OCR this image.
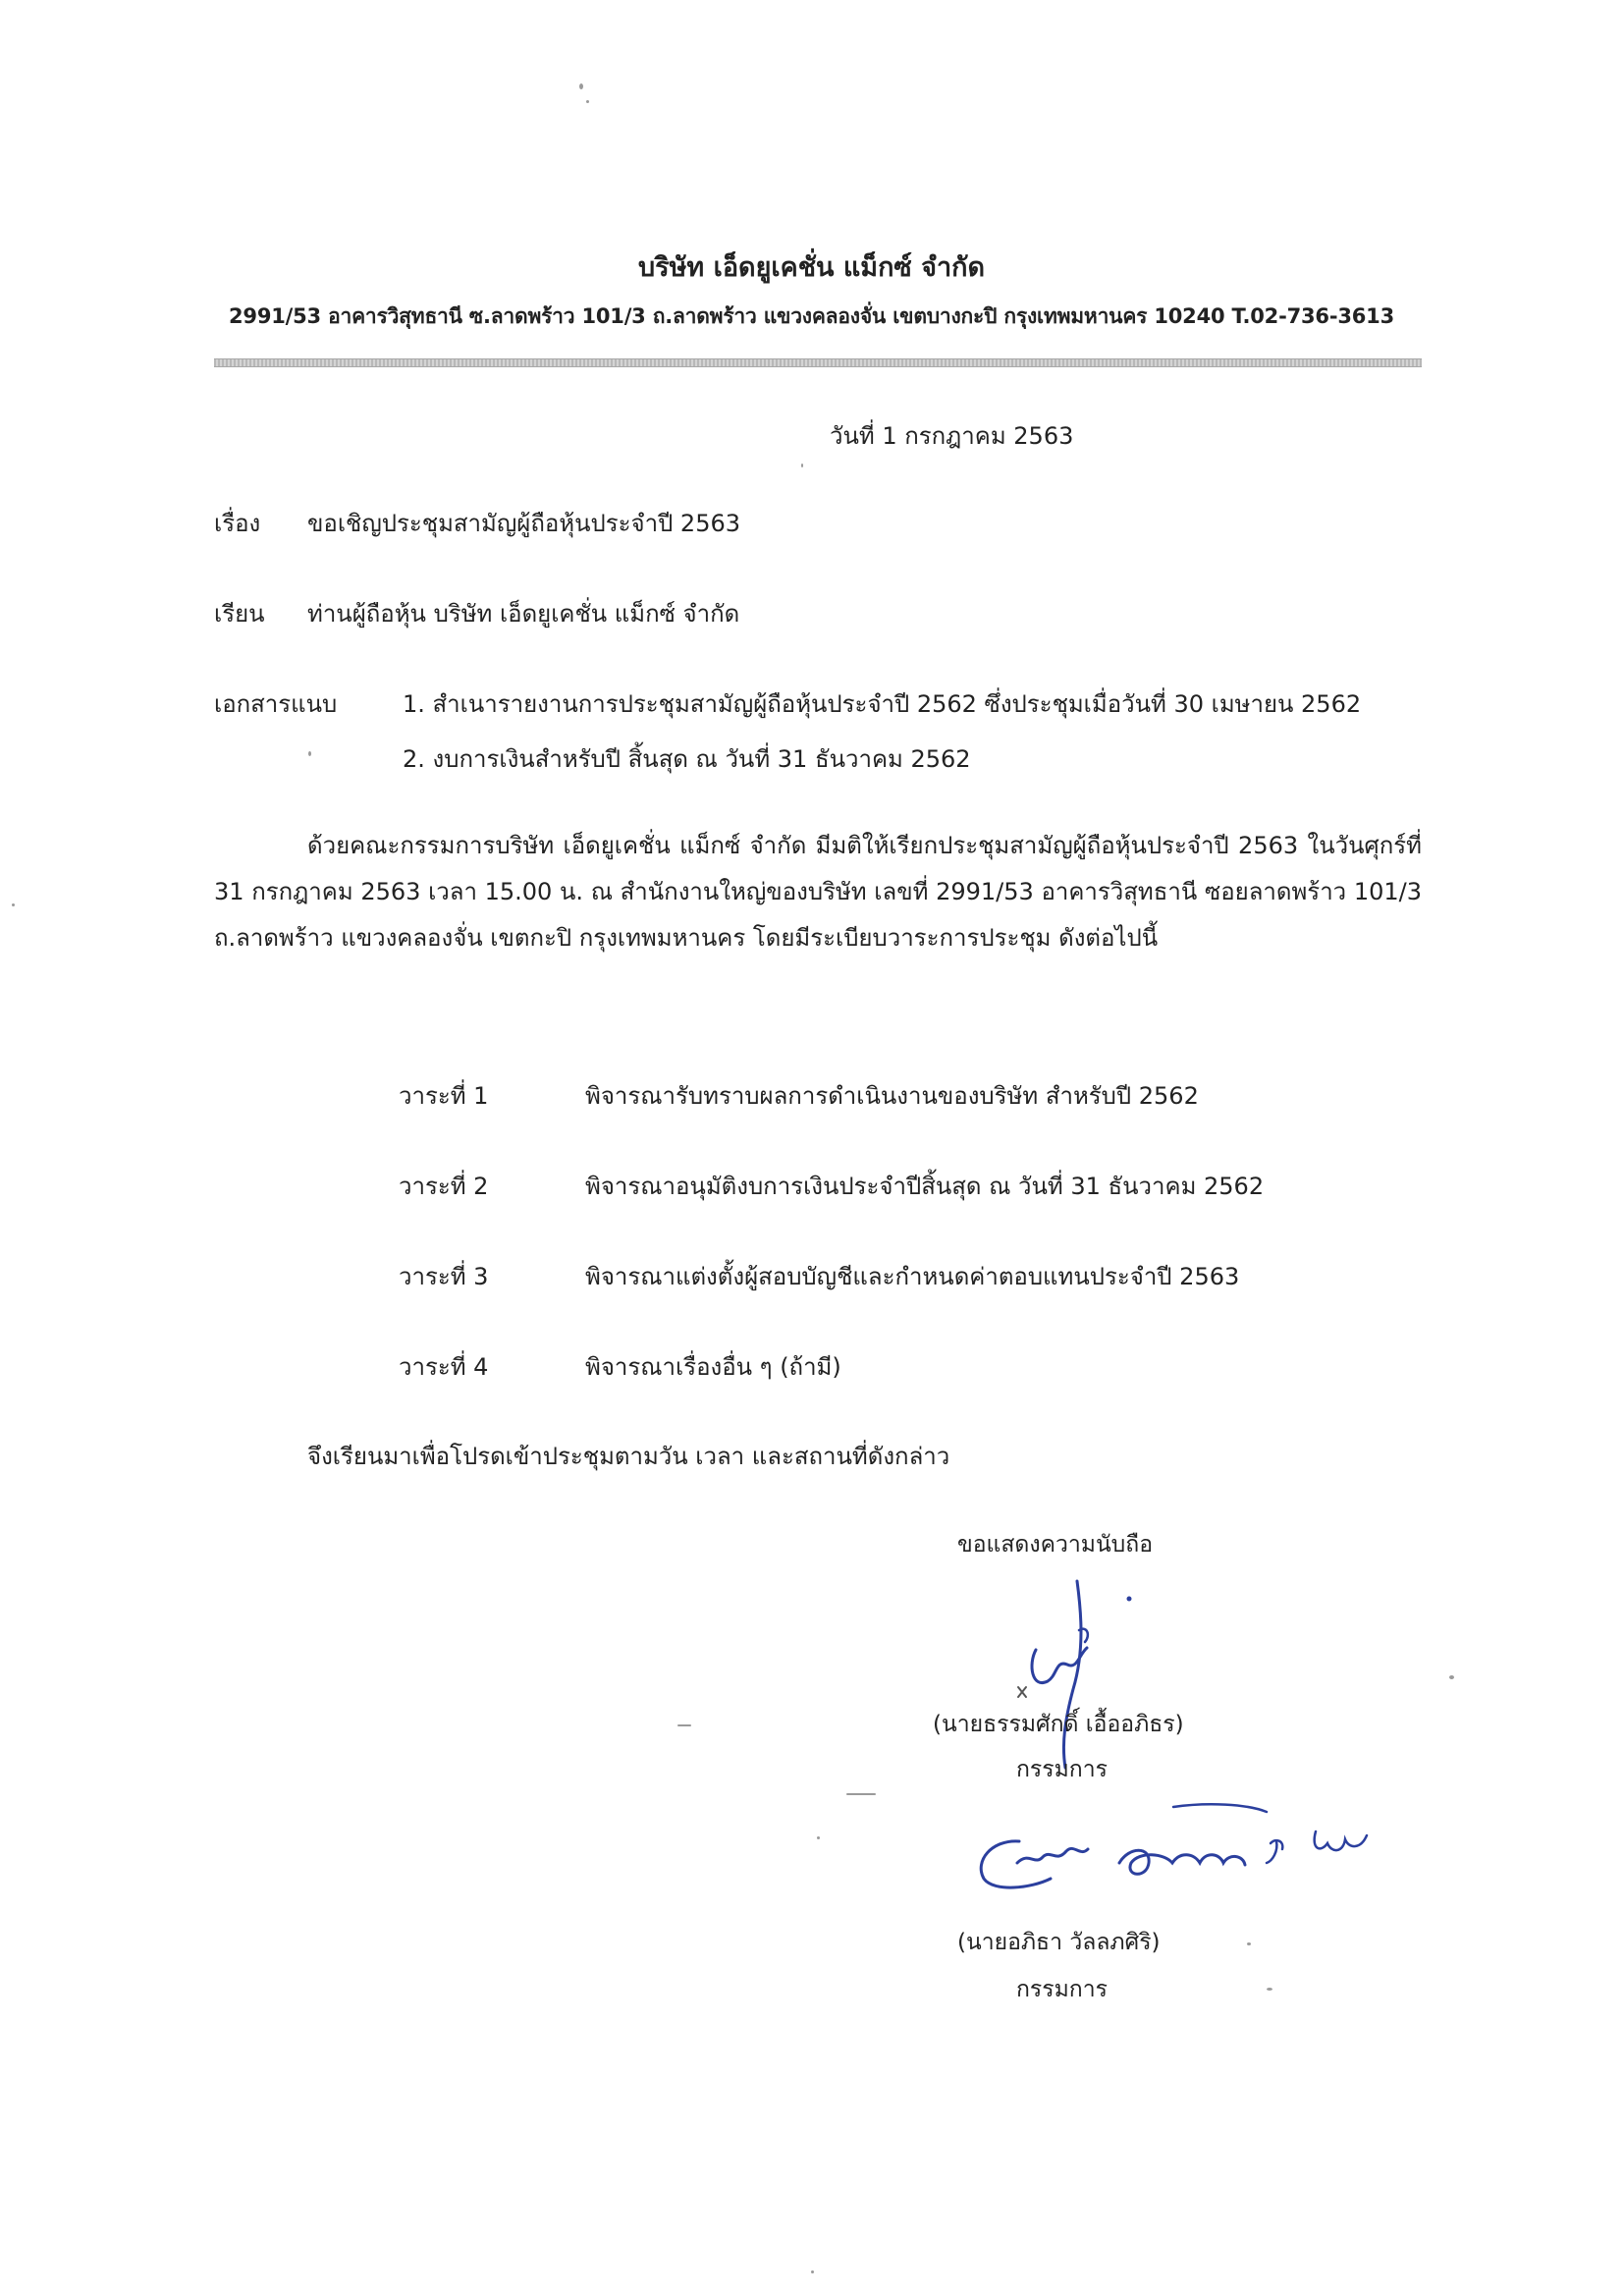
บริษัท เอ็ดยูเคชั่น แม็กซ์ จำกัด
2991/53 อาคารวิสุทธานี ซ.ลาดพร้าว 101/3 ถ.ลาดพร้าว แขวงคลองจั่น เขตบางกะปิ กรุงเทพมหานคร 10240 T.02-736-3613
วันที่ 1 กรกฎาคม 2563
เรื่อง ขอเชิญประชุมสามัญผู้ถือหุ้นประจำปี 2563
เรียน ท่านผู้ถือหุ้น บริษัท เอ็ดยูเคชั่น แม็กซ์ จำกัด
เอกสารแนบ	1. สำเนารายงานการประชุมสามัญผู้ถือหุ้นประจำปี 2562 ซึ่งประชุมเมื่อวันที่ 30 เมษายน 2562
2. งบการเงินสำหรับปี สิ้นสุด ณ วันที่ 31 ธันวาคม 2562
ด้วยคณะกรรมการบริษัท เอ็ดยูเคชั่น แม็กซ์ จำกัด มีมติให้เรียกประชุมสามัญผู้ถือหุ้นประจำปี 2563 ในวันศุกร์ที่ 31 กรกฎาคม 2563 เวลา 15.00 น. ณ สำนักงานใหญ่ของบริษัท เลขที่ 2991/53 อาคารวิสุทธานี ซอยลาดพร้าว 101/3 ถ.ลาดพร้าว แขวงคลองจั่น เขตกะปิ กรุงเทพมหานคร โดยมีระเบียบวาระการประชุม ดังต่อไปนี้
วาระที่ 1	พิจารณารับทราบผลการดำเนินงานของบริษัท สำหรับปี 2562
วาระที่ 2	พิจารณาอนุมัติงบการเงินประจำปีสิ้นสุด ณ วันที่ 31 ธันวาคม 2562
วาระที่ 3	พิจารณาแต่งตั้งผู้สอบบัญชีและกำหนดค่าตอบแทนประจำปี 2563
วาระที่ 4	พิจารณาเรื่องอื่น ๆ (ถ้ามี)
จึงเรียนมาเพื่อโปรดเข้าประชุมตามวัน เวลา และสถานที่ดังกล่าว
ขอแสดงความนับถือ
(นายธรรมศักดิ์ เอื้ออภิธร)
กรรมการ
(นายอภิธา วัลลภศิริ)
กรรมการ
